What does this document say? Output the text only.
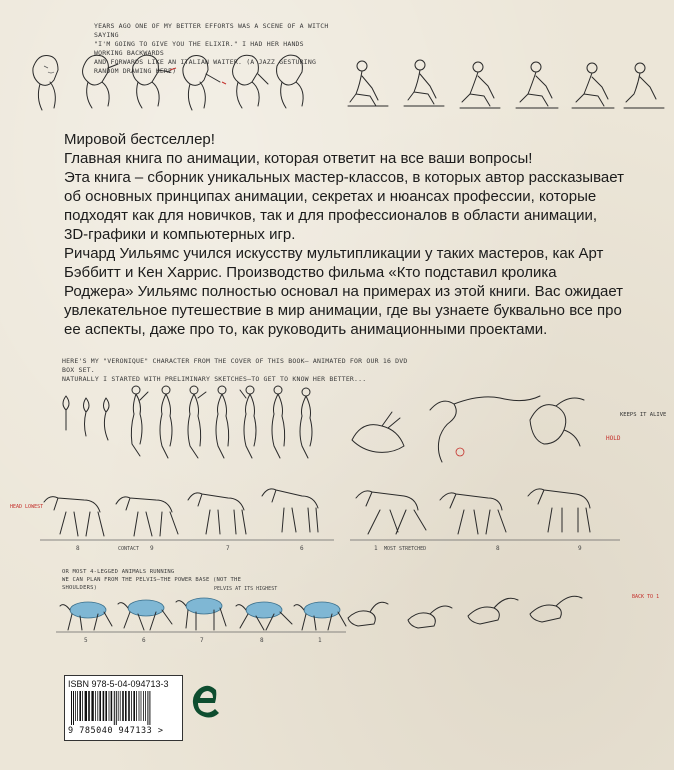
YEARS AGO ONE OF MY BETTER EFFORTS WAS A SCENE OF A WITCH SAYING
"I'M GOING TO GIVE YOU THE ELIXIR." I HAD HER HANDS WORKING BACKWARDS
AND FORWARDS LIKE AN ITALIAN WAITER. (A JAZZ GESTURING RANDOM DRAWING HERE)

Мировой бестселлер!

Главная книга по анимации, которая ответит на все ваши вопросы!

Эта книга – сборник уникальных мастер-классов, в которых автор рассказывает об основных принципах анимации, секретах и нюансах профессии, которые подходят как для новичков, так и для профессионалов в области анимации, 3D-графики и компьютерных игр.

Ричард Уильямс учился искусству мультипликации у таких мастеров, как Арт Бэббитт и Кен Харрис. Производство фильма «Кто подставил кролика Роджера» Уильямс полностью основал на примерах из этой книги. Вас ожидает увлекательное путешествие в мир анимации, где вы узнаете буквально все про ее аспекты, даже про то, как руководить анимационными проектами.

HERE'S MY "VERONIQUE" CHARACTER FROM THE COVER OF THIS BOOK— ANIMATED FOR OUR 16 DVD BOX SET.
NATURALLY I STARTED WITH PRELIMINARY SKETCHES—TO GET TO KNOW HER BETTER...
KEEPS IT ALIVE
HOLD
HEAD LOWEST
8	CONTACT 9	7	6	MOST STRETCHED
1	8	9
OR MOST 4-LEGGED ANIMALS RUNNING
WE CAN PLAN FROM THE PELVIS—THE POWER BASE (NOT THE SHOULDERS)	PELVIS AT ITS HIGHEST
5	6	7	8	1
BACK TO 1
ISBN 978-5-04-094713-3
9 785040 947133 >
